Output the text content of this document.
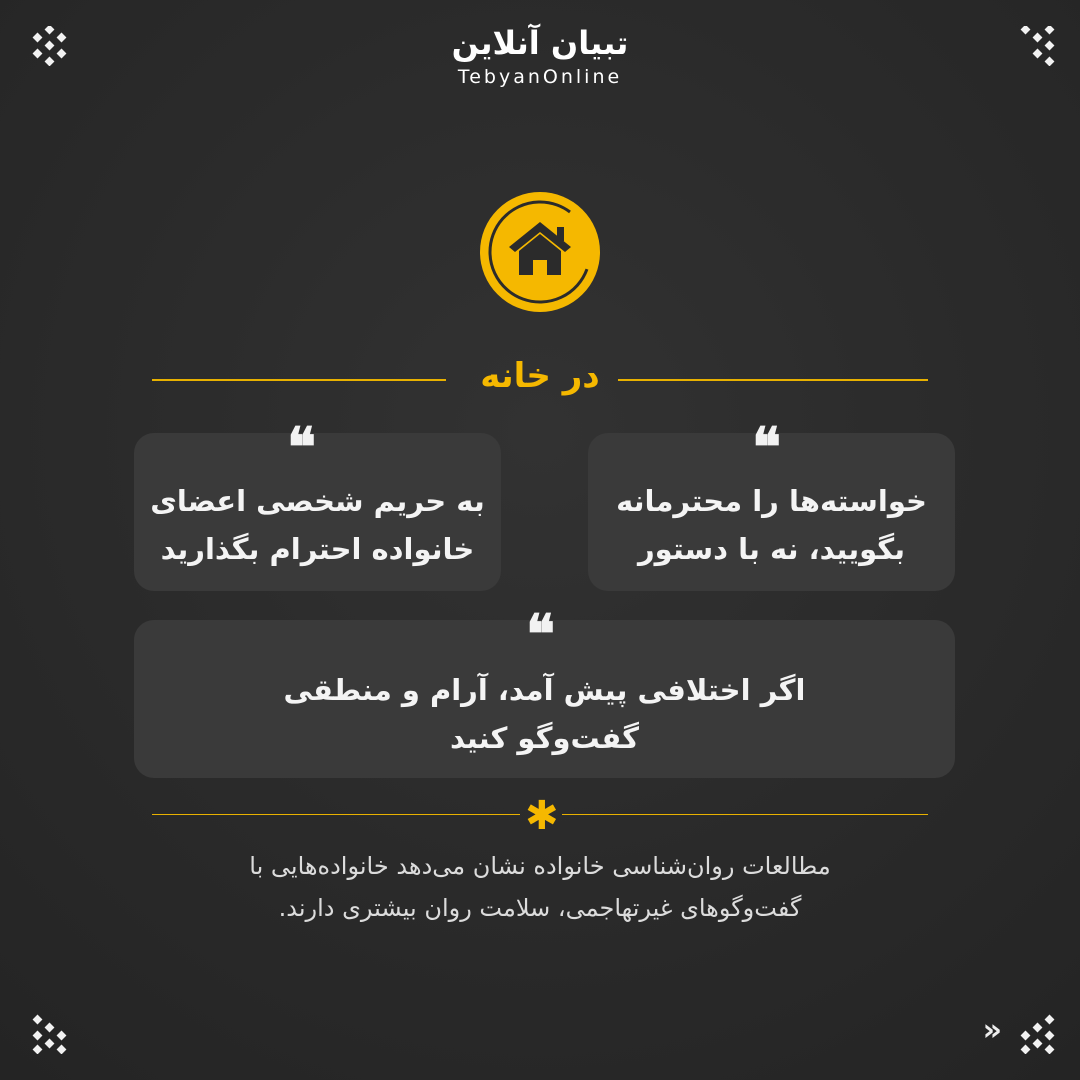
»
تبیان آنلاین
TebyanOnline
در خانه
خواسته‌ها را محترمانه
بگویید، نه با دستور
به حریم شخصی اعضای
خانواده احترام بگذارید
اگر اختلافی پیش آمد، آرام و منطقی
گفت‌وگو کنید
❝
❝
❝
✱
مطالعات روان‌شناسی خانواده نشان می‌دهد خانواده‌هایی با
گفت‌وگوهای غیرتهاجمی، سلامت روان بیشتری دارند.
